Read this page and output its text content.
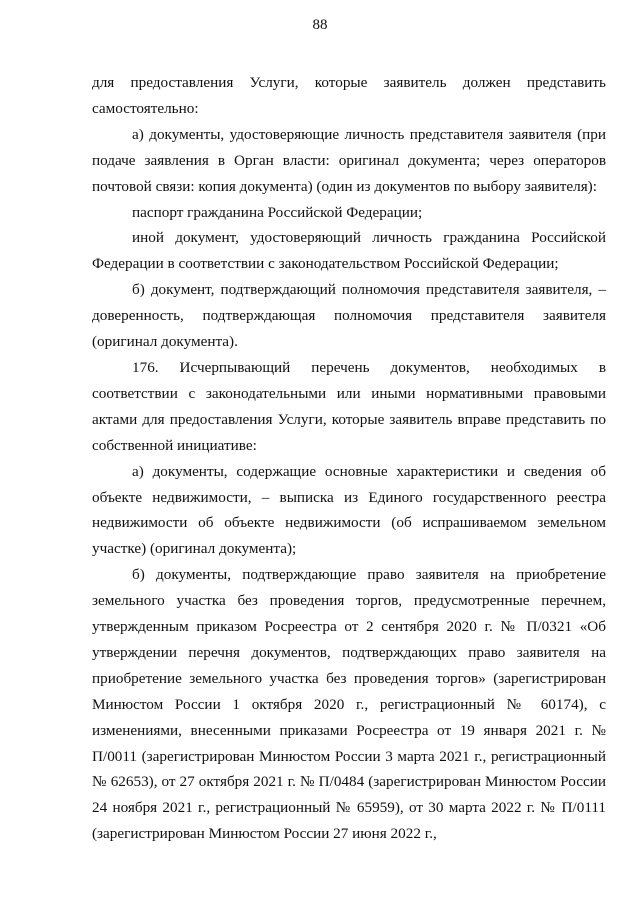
88

для предоставления Услуги, которые заявитель должен представить самостоятельно:

а) документы, удостоверяющие личность представителя заявителя (при подаче заявления в Орган власти: оригинал документа; через операторов почтовой связи: копия документа) (один из документов по выбору заявителя):

паспорт гражданина Российской Федерации;

иной документ, удостоверяющий личность гражданина Российской Федерации в соответствии с законодательством Российской Федерации;

б) документ, подтверждающий полномочия представителя заявителя, – доверенность, подтверждающая полномочия представителя заявителя (оригинал документа).

176. Исчерпывающий перечень документов, необходимых в соответствии с законодательными или иными нормативными правовыми актами для предоставления Услуги, которые заявитель вправе представить по собственной инициативе:

а) документы, содержащие основные характеристики и сведения об объекте недвижимости, – выписка из Единого государственного реестра недвижимости об объекте недвижимости (об испрашиваемом земельном участке) (оригинал документа);

б) документы, подтверждающие право заявителя на приобретение земельного участка без проведения торгов, предусмотренные перечнем, утвержденным приказом Росреестра от 2 сентября 2020 г. № П/0321 «Об утверждении перечня документов, подтверждающих право заявителя на приобретение земельного участка без проведения торгов» (зарегистрирован Минюстом России 1 октября 2020 г., регистрационный № 60174), с изменениями, внесенными приказами Росреестра от 19 января 2021 г. № П/0011 (зарегистрирован Минюстом России 3 марта 2021 г., регистрационный № 62653), от 27 октября 2021 г. № П/0484 (зарегистрирован Минюстом России 24 ноября 2021 г., регистрационный № 65959), от 30 марта 2022 г. № П/0111 (зарегистрирован Минюстом России 27 июня 2022 г.,
